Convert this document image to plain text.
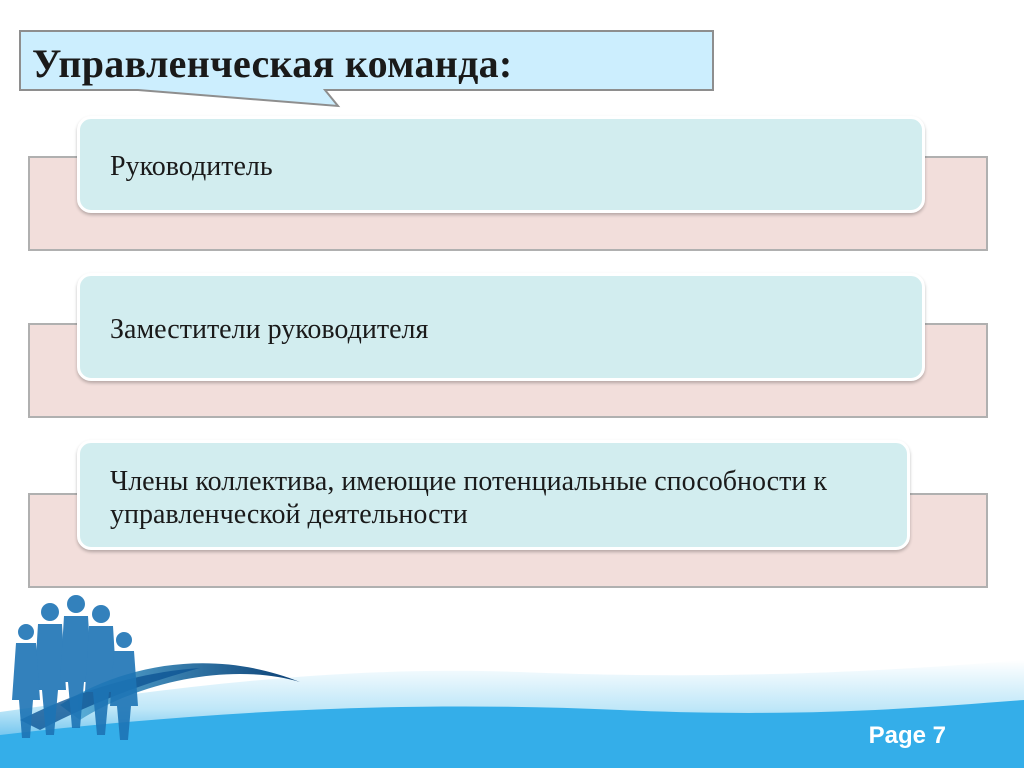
Управленческая команда:
Руководитель
Заместители руководителя
Члены коллектива, имеющие потенциальные способности к управленческой деятельности
Page 7
